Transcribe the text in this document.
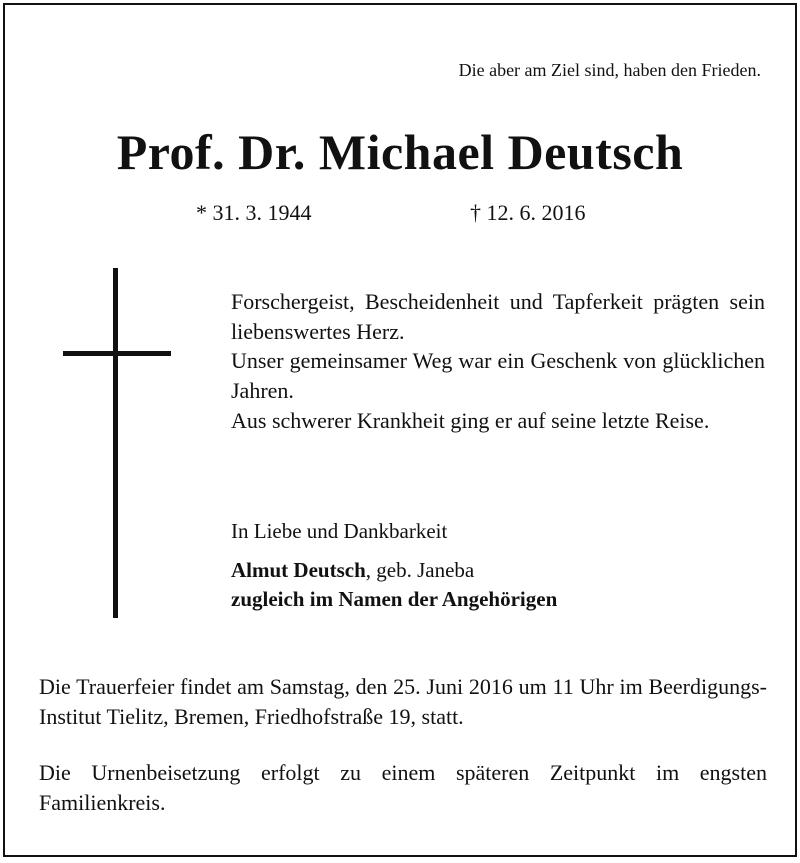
Die aber am Ziel sind, haben den Frieden.
Prof. Dr. Michael Deutsch
* 31. 3. 1944	† 12. 6. 2016
Forschergeist, Bescheidenheit und Tapferkeit prägten sein liebenswertes Herz.
Unser gemeinsamer Weg war ein Geschenk von glücklichen Jahren.
Aus schwerer Krankheit ging er auf seine letzte Reise.
In Liebe und Dankbarkeit
Almut Deutsch, geb. Janeba
zugleich im Namen der Angehörigen
Die Trauerfeier findet am Samstag, den 25. Juni 2016 um 11 Uhr im Beerdigungs-Institut Tielitz, Bremen, Friedhofstraße 19, statt.
Die Urnenbeisetzung erfolgt zu einem späteren Zeitpunkt im engsten Familienkreis.
